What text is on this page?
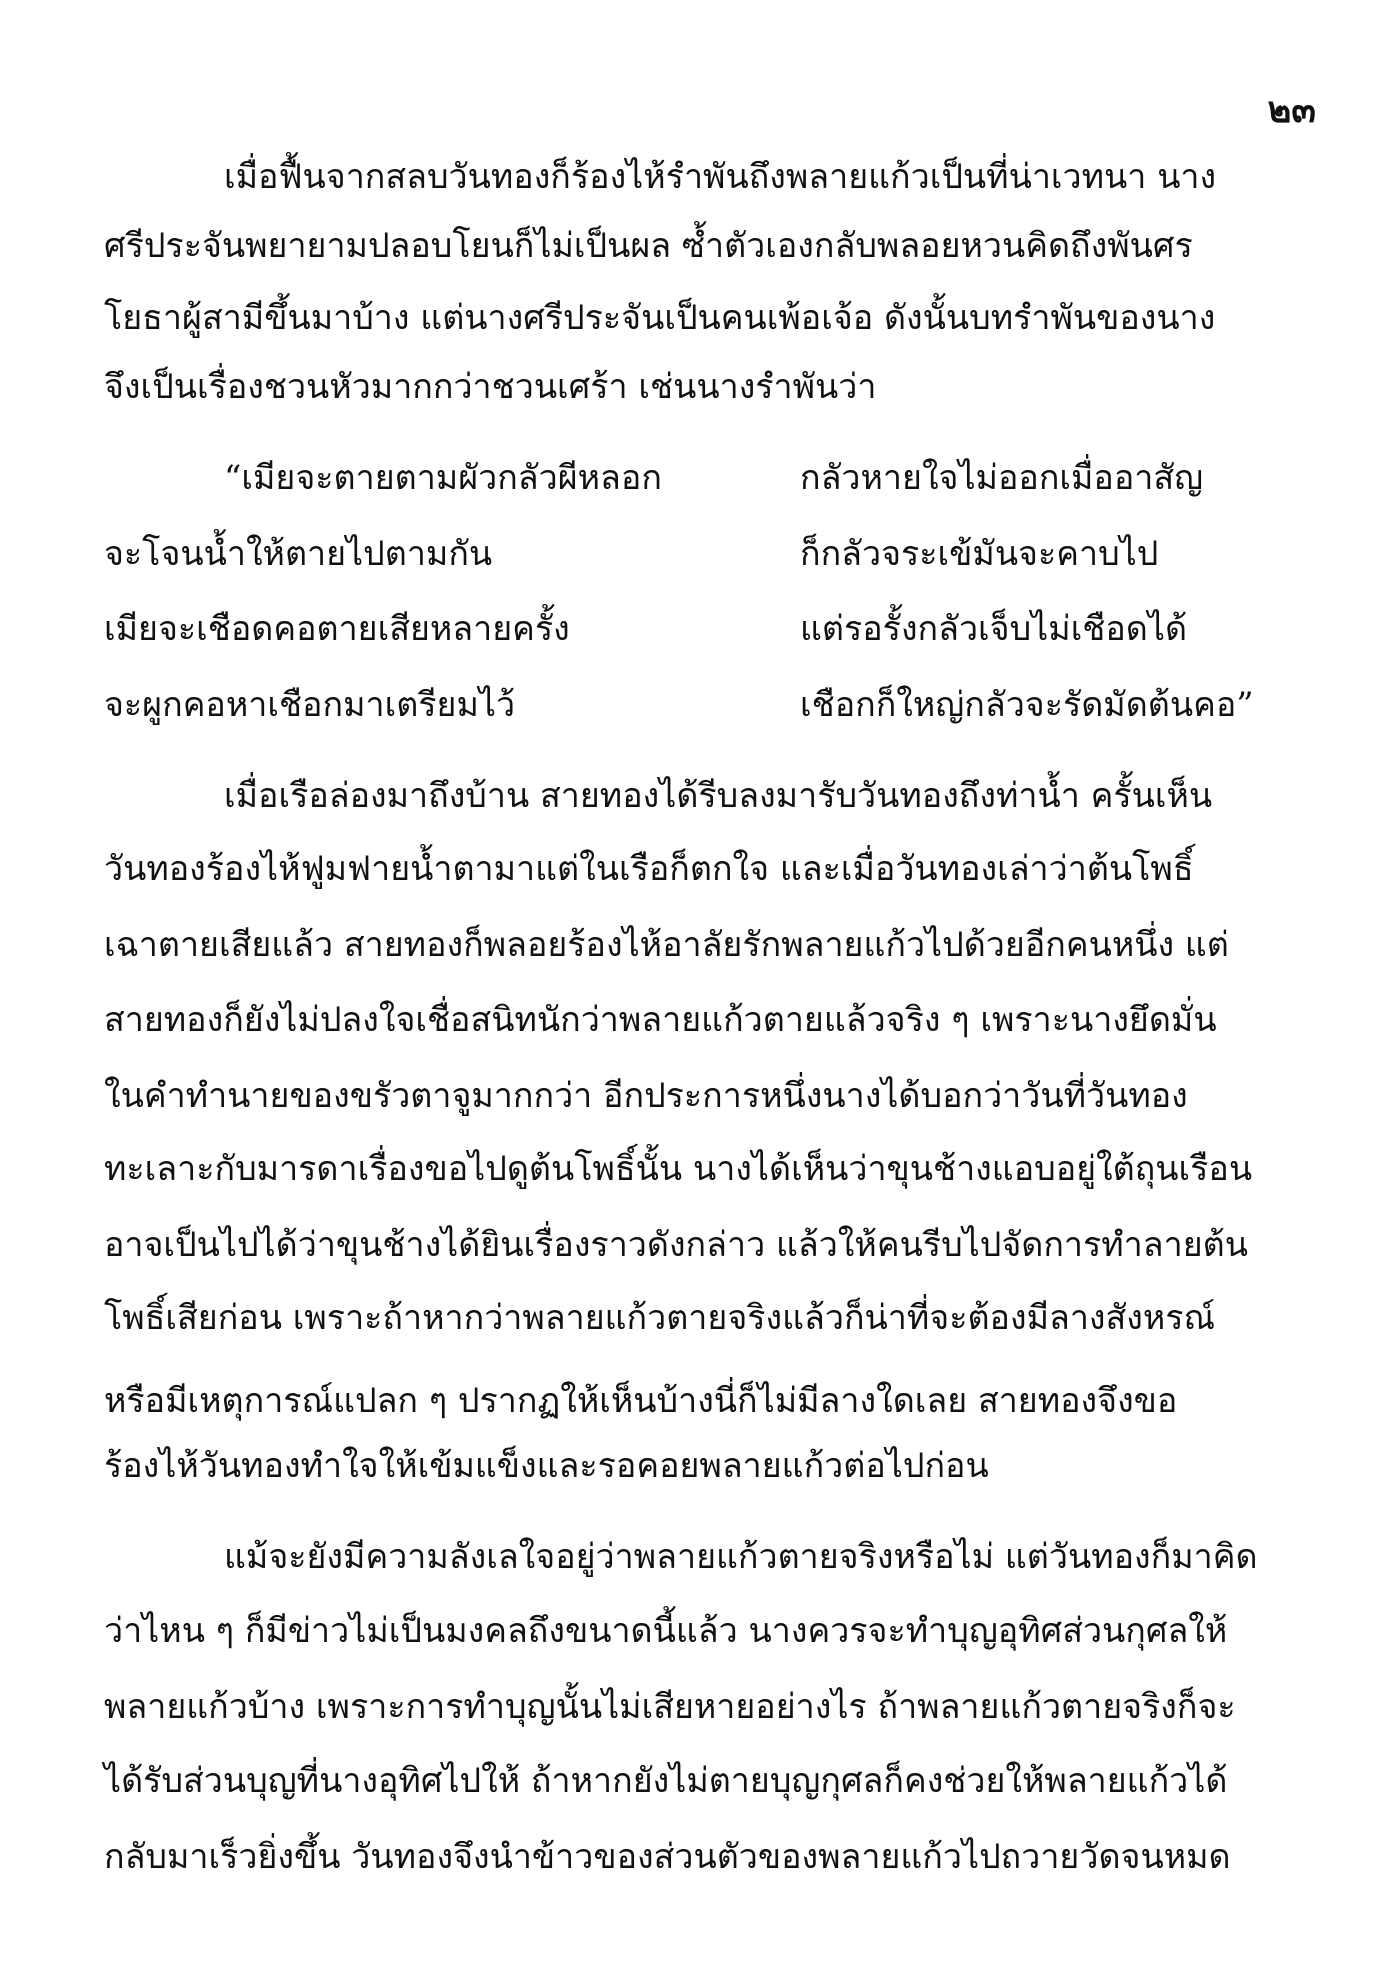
๒๓
เมื่อฟื้นจากสลบวันทองก็ร้องไห้รำพันถึงพลายแก้วเป็นที่น่าเวทนา นาง
ศรีประจันพยายามปลอบโยนก็ไม่เป็นผล ซ้ำตัวเองกลับพลอยหวนคิดถึงพันศร
โยธาผู้สามีขึ้นมาบ้าง แต่นางศรีประจันเป็นคนเพ้อเจ้อ ดังนั้นบทรำพันของนาง
จึงเป็นเรื่องชวนหัวมากกว่าชวนเศร้า เช่นนางรำพันว่า
“เมียจะตายตามผัวกลัวผีหลอก	กลัวหายใจไม่ออกเมื่ออาสัญ
จะโจนน้ำให้ตายไปตามกัน	ก็กลัวจระเข้มันจะคาบไป
เมียจะเชือดคอตายเสียหลายครั้ง	แต่รอรั้งกลัวเจ็บไม่เชือดได้
จะผูกคอหาเชือกมาเตรียมไว้	เชือกก็ใหญ่กลัวจะรัดมัดต้นคอ”
เมื่อเรือล่องมาถึงบ้าน สายทองได้รีบลงมารับวันทองถึงท่าน้ำ ครั้นเห็น
วันทองร้องไห้ฟูมฟายน้ำตามาแต่ในเรือก็ตกใจ และเมื่อวันทองเล่าว่าต้นโพธิ์
เฉาตายเสียแล้ว สายทองก็พลอยร้องไห้อาลัยรักพลายแก้วไปด้วยอีกคนหนึ่ง แต่
สายทองก็ยังไม่ปลงใจเชื่อสนิทนักว่าพลายแก้วตายแล้วจริง ๆ เพราะนางยึดมั่น
ในคำทำนายของขรัวตาจูมากกว่า อีกประการหนึ่งนางได้บอกว่าวันที่วันทอง
ทะเลาะกับมารดาเรื่องขอไปดูต้นโพธิ์นั้น นางได้เห็นว่าขุนช้างแอบอยู่ใต้ถุนเรือน
อาจเป็นไปได้ว่าขุนช้างได้ยินเรื่องราวดังกล่าว แล้วให้คนรีบไปจัดการทำลายต้น
โพธิ์เสียก่อน เพราะถ้าหากว่าพลายแก้วตายจริงแล้วก็น่าที่จะต้องมีลางสังหรณ์
หรือมีเหตุการณ์แปลก ๆ ปรากฏให้เห็นบ้างนี่ก็ไม่มีลางใดเลย สายทองจึงขอ
ร้องไห้วันทองทำใจให้เข้มแข็งและรอคอยพลายแก้วต่อไปก่อน
แม้จะยังมีความลังเลใจอยู่ว่าพลายแก้วตายจริงหรือไม่ แต่วันทองก็มาคิด
ว่าไหน ๆ ก็มีข่าวไม่เป็นมงคลถึงขนาดนี้แล้ว นางควรจะทำบุญอุทิศส่วนกุศลให้
พลายแก้วบ้าง เพราะการทำบุญนั้นไม่เสียหายอย่างไร ถ้าพลายแก้วตายจริงก็จะ
ได้รับส่วนบุญที่นางอุทิศไปให้ ถ้าหากยังไม่ตายบุญกุศลก็คงช่วยให้พลายแก้วได้
กลับมาเร็วยิ่งขึ้น วันทองจึงนำข้าวของส่วนตัวของพลายแก้วไปถวายวัดจนหมด
